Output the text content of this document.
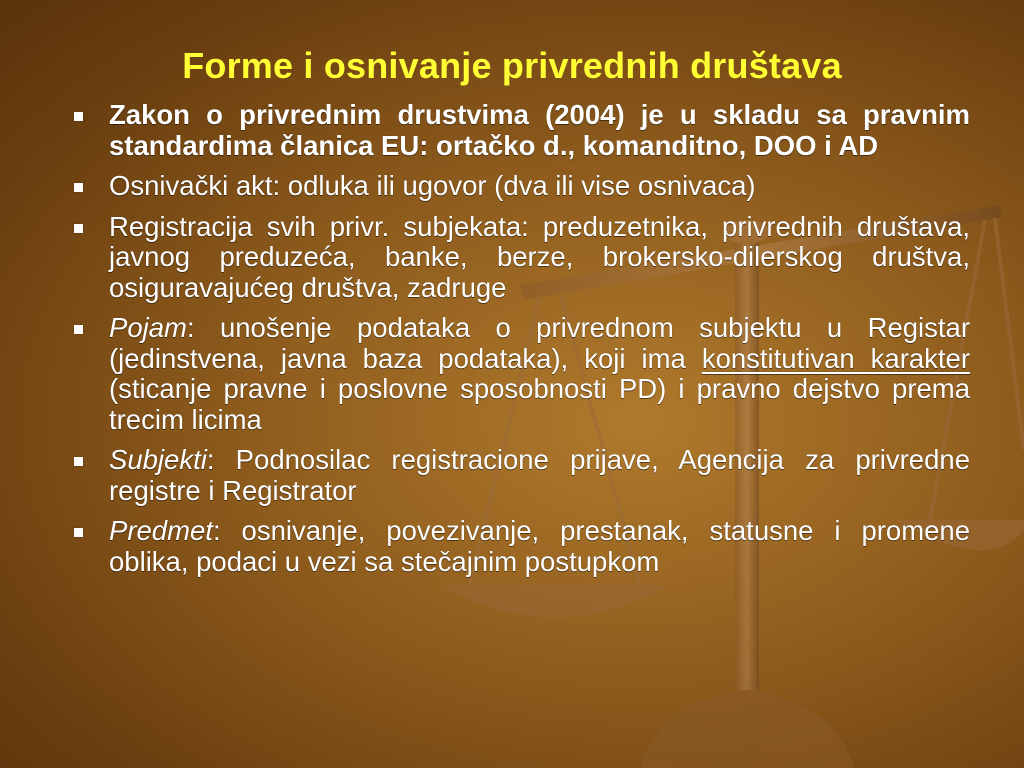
Forme i osnivanje privrednih društava
Zakon o privrednim drustvima (2004) je u skladu sa pravnim standardima članica EU: ortačko d., komanditno, DOO i AD
Osnivački akt: odluka ili ugovor (dva ili vise osnivaca)
Registracija svih privr. subjekata: preduzetnika, privrednih društava, javnog preduzeća, banke, berze, brokersko-dilerskog društva, osiguravajućeg društva, zadruge
Pojam: unošenje podataka o privrednom subjektu u Registar (jedinstvena, javna baza podataka), koji ima konstitutivan karakter (sticanje pravne i poslovne sposobnosti PD) i pravno dejstvo prema trecim licima
Subjekti: Podnosilac registracione prijave, Agencija za privredne registre i Registrator
Predmet: osnivanje, povezivanje, prestanak, statusne i promene oblika, podaci u vezi sa stečajnim postupkom
